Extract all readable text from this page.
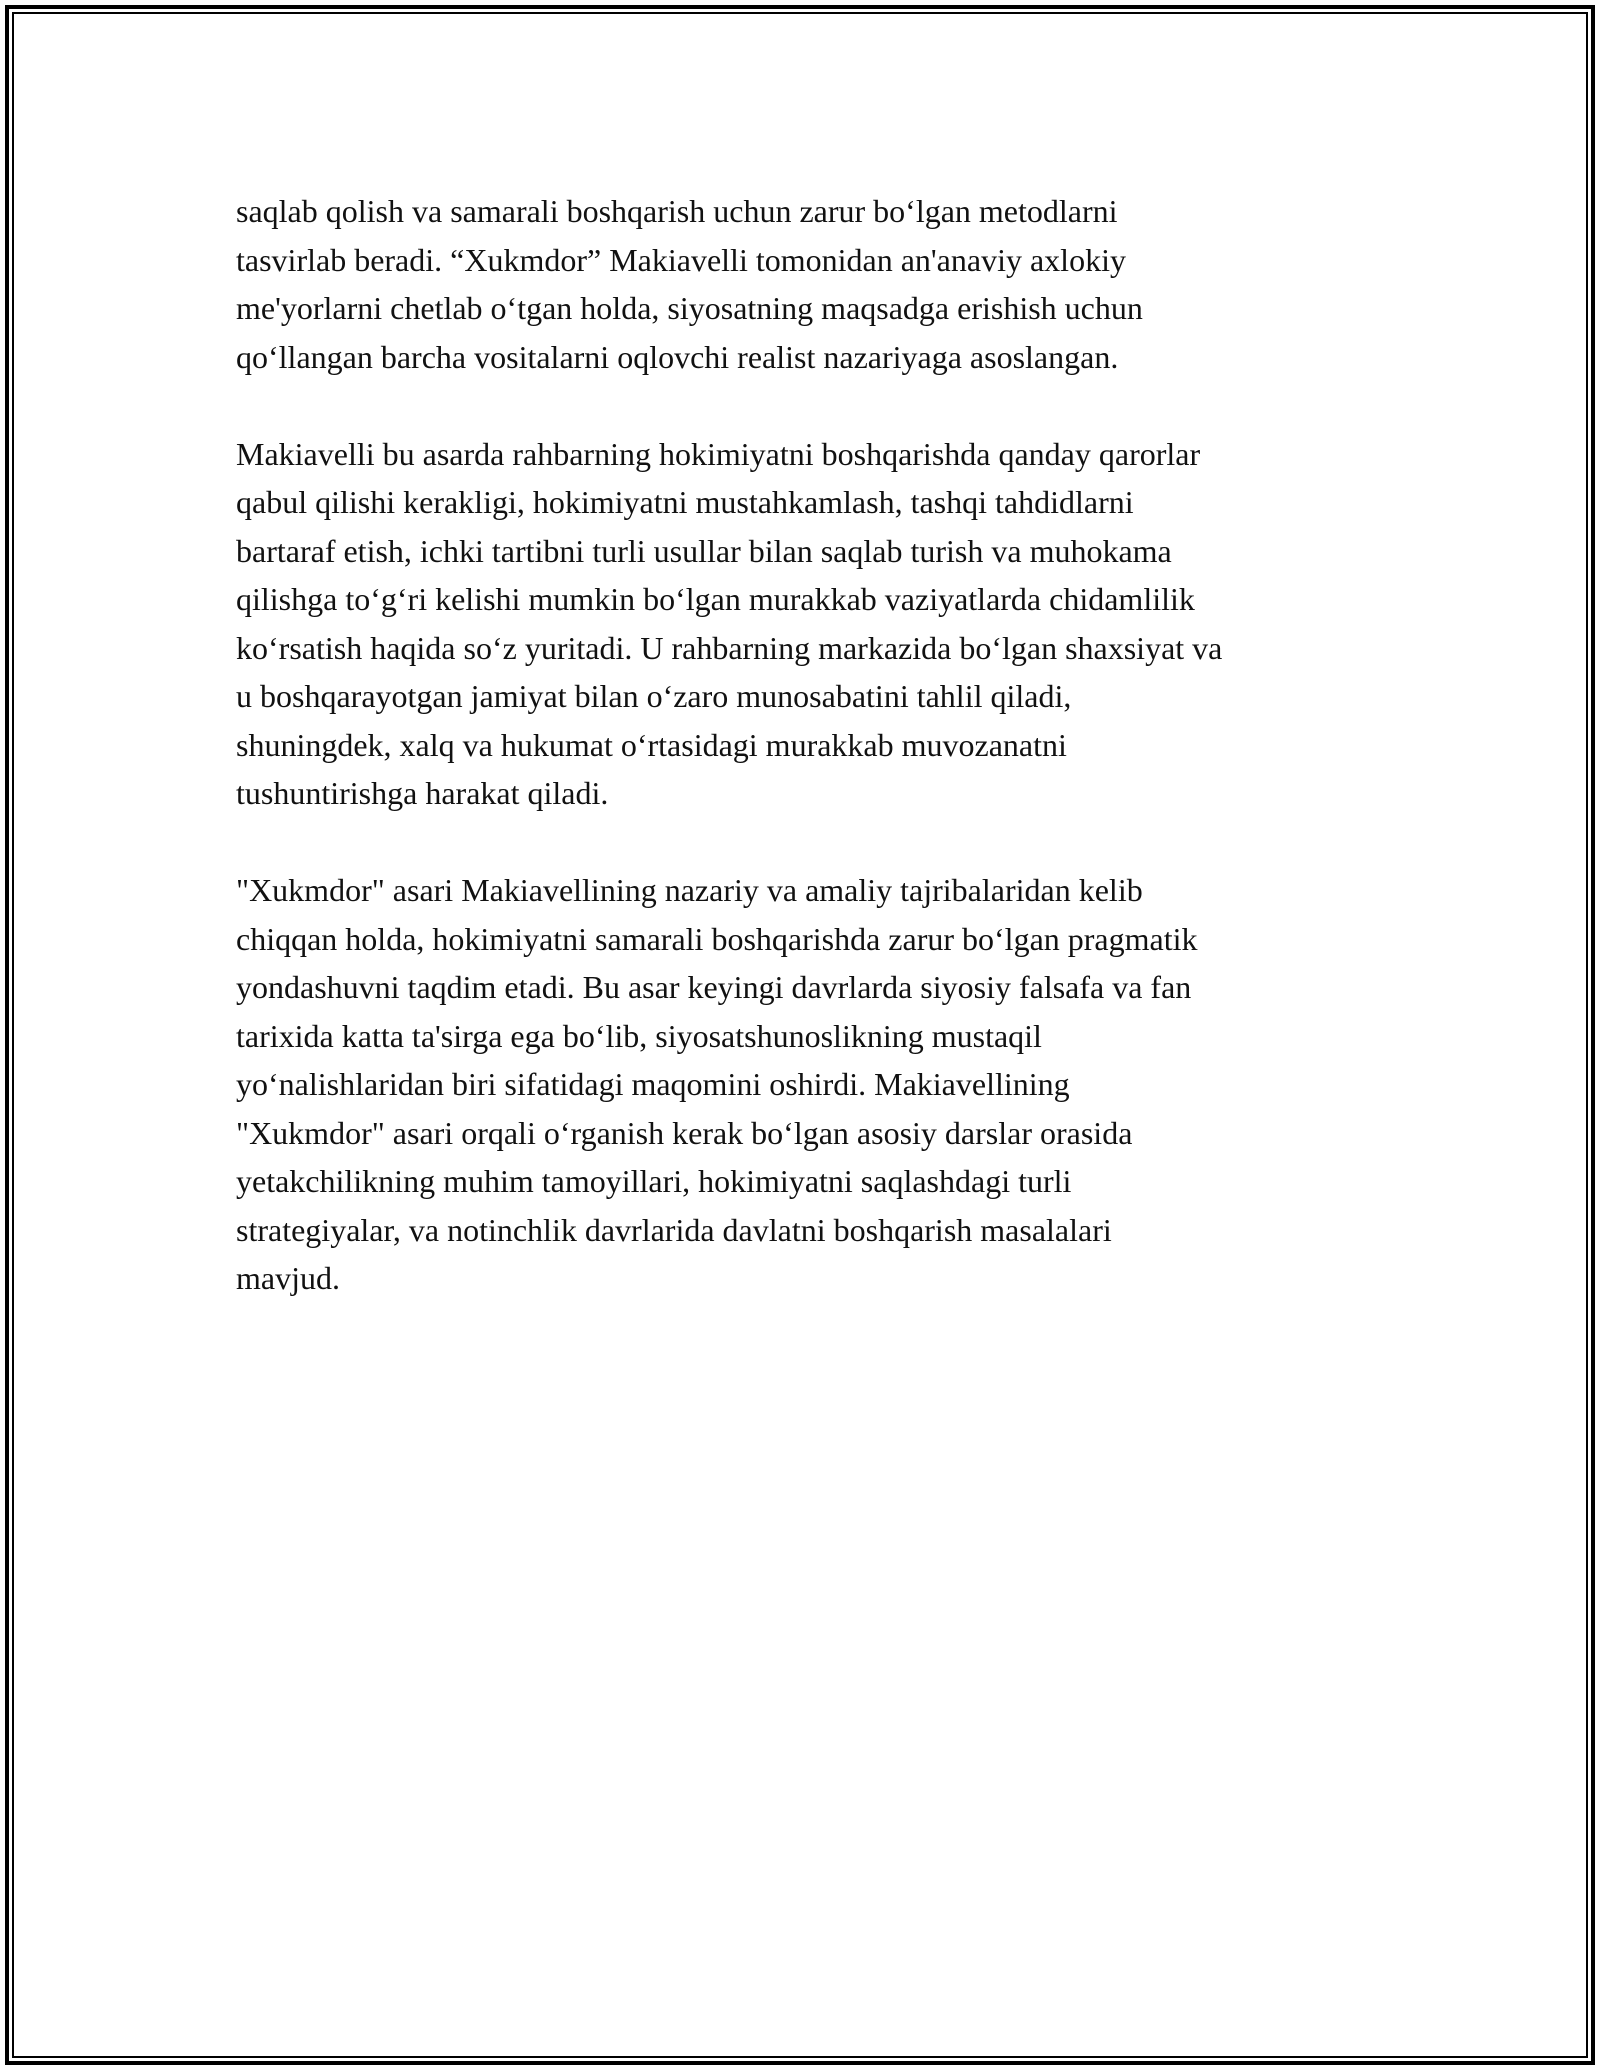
saqlab qolish va samarali boshqarish uchun zarur bo‘lgan metodlarni
tasvirlab beradi. “Xukmdor” Makiavelli tomonidan an'anaviy axlokiy
me'yorlarni chetlab o‘tgan holda, siyosatning maqsadga erishish uchun
qo‘llangan barcha vositalarni oqlovchi realist nazariyaga asoslangan.

Makiavelli bu asarda rahbarning hokimiyatni boshqarishda qanday qarorlar
qabul qilishi kerakligi, hokimiyatni mustahkamlash, tashqi tahdidlarni
bartaraf etish, ichki tartibni turli usullar bilan saqlab turish va muhokama
qilishga to‘g‘ri kelishi mumkin bo‘lgan murakkab vaziyatlarda chidamlilik
ko‘rsatish haqida so‘z yuritadi. U rahbarning markazida bo‘lgan shaxsiyat va
u boshqarayotgan jamiyat bilan o‘zaro munosabatini tahlil qiladi,
shuningdek, xalq va hukumat o‘rtasidagi murakkab muvozanatni
tushuntirishga harakat qiladi.

"Xukmdor" asari Makiavellining nazariy va amaliy tajribalaridan kelib
chiqqan holda, hokimiyatni samarali boshqarishda zarur bo‘lgan pragmatik
yondashuvni taqdim etadi. Bu asar keyingi davrlarda siyosiy falsafa va fan
tarixida katta ta'sirga ega bo‘lib, siyosatshunoslikning mustaqil
yo‘nalishlaridan biri sifatidagi maqomini oshirdi. Makiavellining
"Xukmdor" asari orqali o‘rganish kerak bo‘lgan asosiy darslar orasida
yetakchilikning muhim tamoyillari, hokimiyatni saqlashdagi turli
strategiyalar, va notinchlik davrlarida davlatni boshqarish masalalari
mavjud.
